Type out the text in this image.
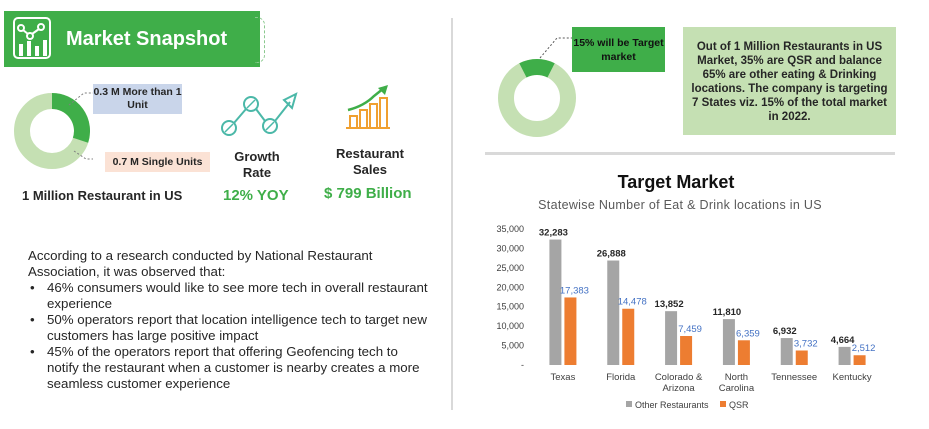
Market Snapshot
0.3 M More than 1 Unit
0.7 M Single Units
1 Million Restaurant in US
Growth Rate
12% YOY
Restaurant Sales
$ 799 Billion
According to a research conducted by National Restaurant Association, it was observed that:
• 46% consumers would like to see more tech in overall restaurant experience
• 50% operators report that location intelligence tech to target new customers has large positive impact
• 45% of the operators report that offering Geofencing tech to notify the restaurant when a customer is nearby creates a more seamless customer experience
15% will be Target market
Out of 1 Million Restaurants in US Market, 35% are QSR and balance 65% are other eating & Drinking locations. The company is targeting 7 States viz. 15% of the total market in 2022.
Target Market
Statewise Number of Eat & Drink locations in US
-
5,000
10,000
15,000
20,000
25,000
30,000
35,000 32,283
17,383
Texas
26,888
14,478
Florida
13,852
7,459
Colorado &
Arizona
11,810
6,359
North
Carolina
6,932
3,732
Tennessee
4,664
2,512
Kentucky
Other Restaurants QSR
